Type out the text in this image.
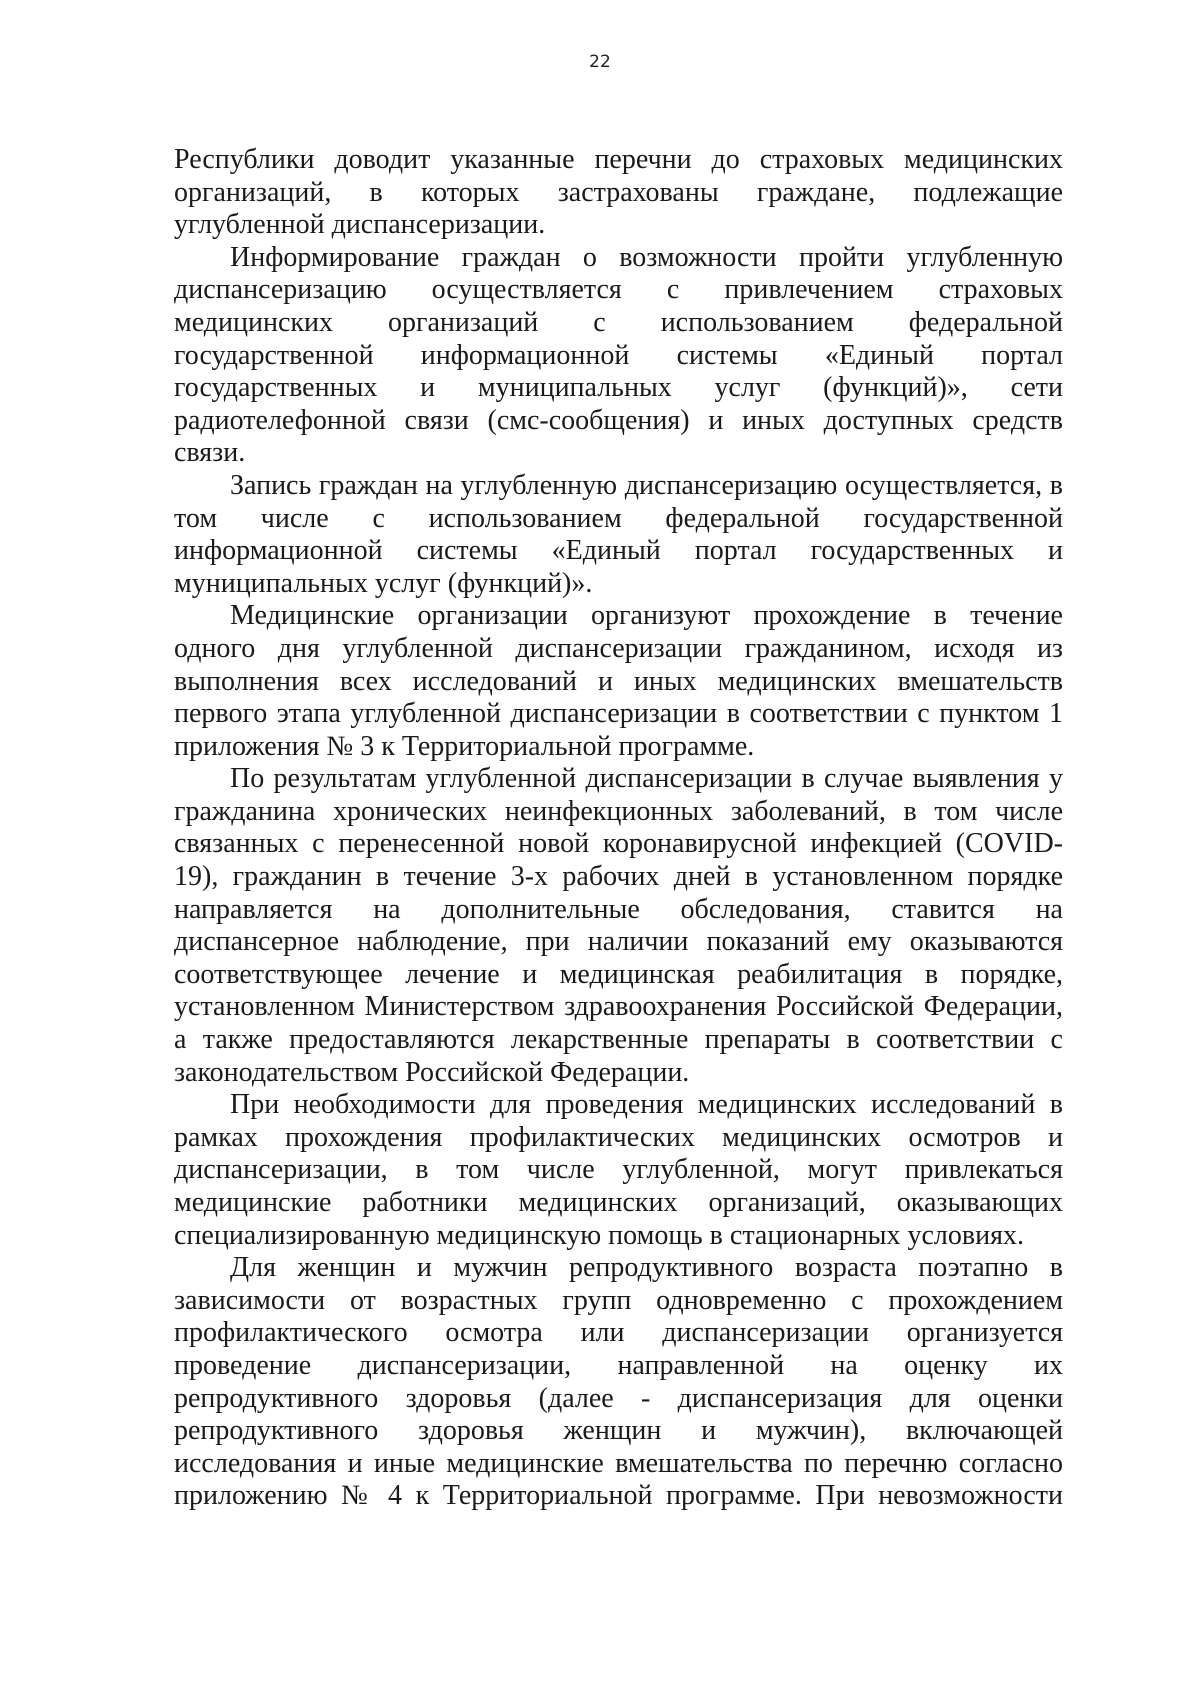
22

Республики доводит указанные перечни до страховых медицинских организаций, в которых застрахованы граждане, подлежащие углубленной диспансеризации.

Информирование граждан о возможности пройти углубленную диспансеризацию осуществляется с привлечением страховых медицинских организаций с использованием федеральной государственной информационной системы «Единый портал государственных и муниципальных услуг (функций)», сети радиотелефонной связи (смс-сообщения) и иных доступных средств связи.

Запись граждан на углубленную диспансеризацию осуществляется, в том числе с использованием федеральной государственной информационной системы «Единый портал государственных и муниципальных услуг (функций)».

Медицинские организации организуют прохождение в течение одного дня углубленной диспансеризации гражданином, исходя из выполнения всех исследований и иных медицинских вмешательств первого этапа углубленной диспансеризации в соответствии с пунктом 1 приложения № 3 к Территориальной программе.

По результатам углубленной диспансеризации в случае выявления у гражданина хронических неинфекционных заболеваний, в том числе связанных с перенесенной новой коронавирусной инфекцией (COVID-19), гражданин в течение 3-х рабочих дней в установленном порядке направляется на дополнительные обследования, ставится на диспансерное наблюдение, при наличии показаний ему оказываются соответствующее лечение и медицинская реабилитация в порядке, установленном Министерством здравоохранения Российской Федерации, а также предоставляются лекарственные препараты в соответствии с законодательством Российской Федерации.

При необходимости для проведения медицинских исследований в рамках прохождения профилактических медицинских осмотров и диспансеризации, в том числе углубленной, могут привлекаться медицинские работники медицинских организаций, оказывающих специализированную медицинскую помощь в стационарных условиях.

Для женщин и мужчин репродуктивного возраста поэтапно в зависимости от возрастных групп одновременно с прохождением профилактического осмотра или диспансеризации организуется проведение диспансеризации, направленной на оценку их репродуктивного здоровья (далее - диспансеризация для оценки репродуктивного здоровья женщин и мужчин), включающей исследования и иные медицинские вмешательства по перечню согласно приложению № 4 к Территориальной программе. При невозможности
